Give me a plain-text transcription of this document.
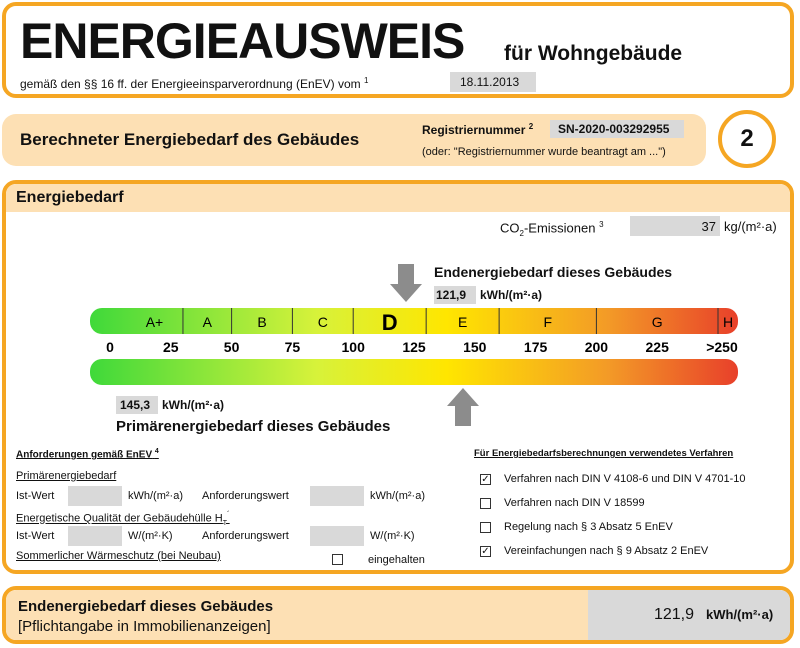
ENERGIEAUSWEIS für Wohngebäude
gemäß den §§ 16 ff. der Energieeinsparverordnung (EnEV) vom $^1$	18.11.2013
Berechneter Energiebedarf des Gebäudes	Registriernummer $^2$ SN-2020-003292955
(oder: "Registriernummer wurde beantragt am ...")	2
Energiebedarf
$CO_2$-Emissionen $^3$	37 kg/(m²·a)
Endenergiebedarf dieses Gebäudes
121,9 kWh/(m²·a)
A+	A	B	C D	E	F	G	H
0	25	50	75	100	125	150	175	200	225	>250
145,3 kWh/(m²·a)
Primärenergiebedarf dieses Gebäudes
Anforderungen gemäß EnEV $^4$
Primärenergiebedarf
Ist-Wert	kWh/(m²·a) Anforderungswert	kWh/(m²·a)
Energetische Qualität der Gebäudehülle $H_T^´$
Ist-Wert	W/(m²·K)	Anforderungswert	W/(m²·K)
Sommerlicher Wärmeschutz (bei Neubau)	eingehalten
Für Energiebedarfsberechnungen verwendetes Verfahren
✓ Verfahren nach DIN V 4108-6 und DIN V 4701-10
Verfahren nach DIN V 18599
Regelung nach § 3 Absatz 5 EnEV
✓ Vereinfachungen nach § 9 Absatz 2 EnEV
Endenergiebedarf dieses Gebäudes
[Pflichtangabe in Immobilienanzeigen]
121,9 kWh/(m²·a)
